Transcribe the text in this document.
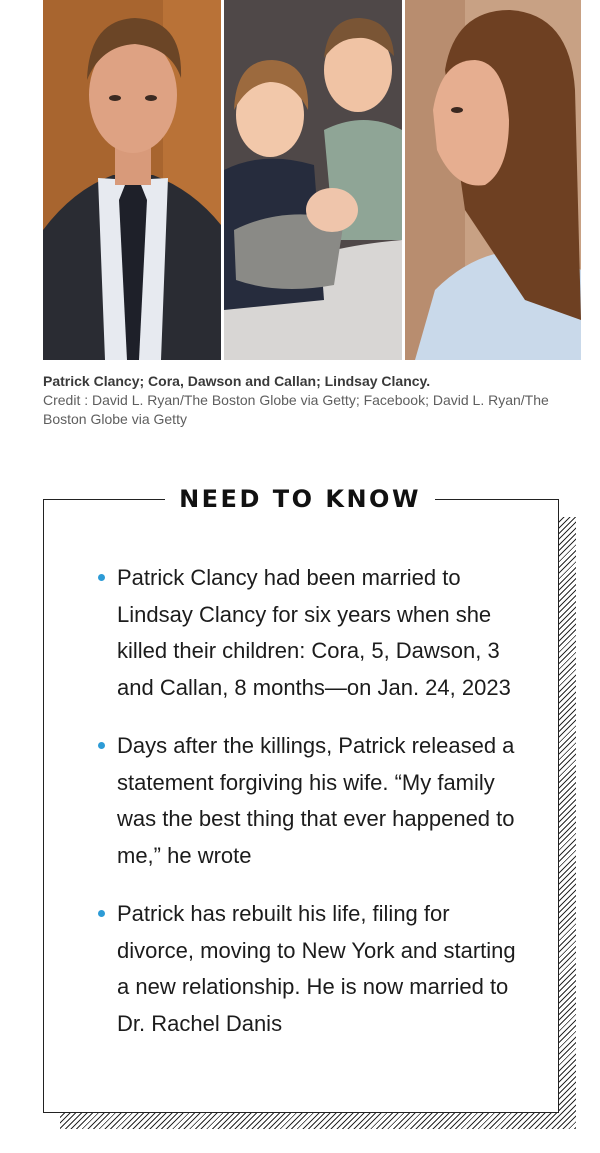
Patrick Clancy; Cora, Dawson and Callan; Lindsay Clancy.
Credit : David L. Ryan/The Boston Globe via Getty; Facebook; David L. Ryan/The Boston Globe via Getty
NEED TO KNOW
Patrick Clancy had been married to Lindsay Clancy for six years when she killed their children: Cora, 5, Dawson, 3 and Callan, 8 months—on Jan. 24, 2023
Days after the killings, Patrick released a statement forgiving his wife. “My family was the best thing that ever happened to me,” he wrote
Patrick has rebuilt his life, filing for divorce, moving to New York and starting a new relationship. He is now married to Dr. Rachel Danis
